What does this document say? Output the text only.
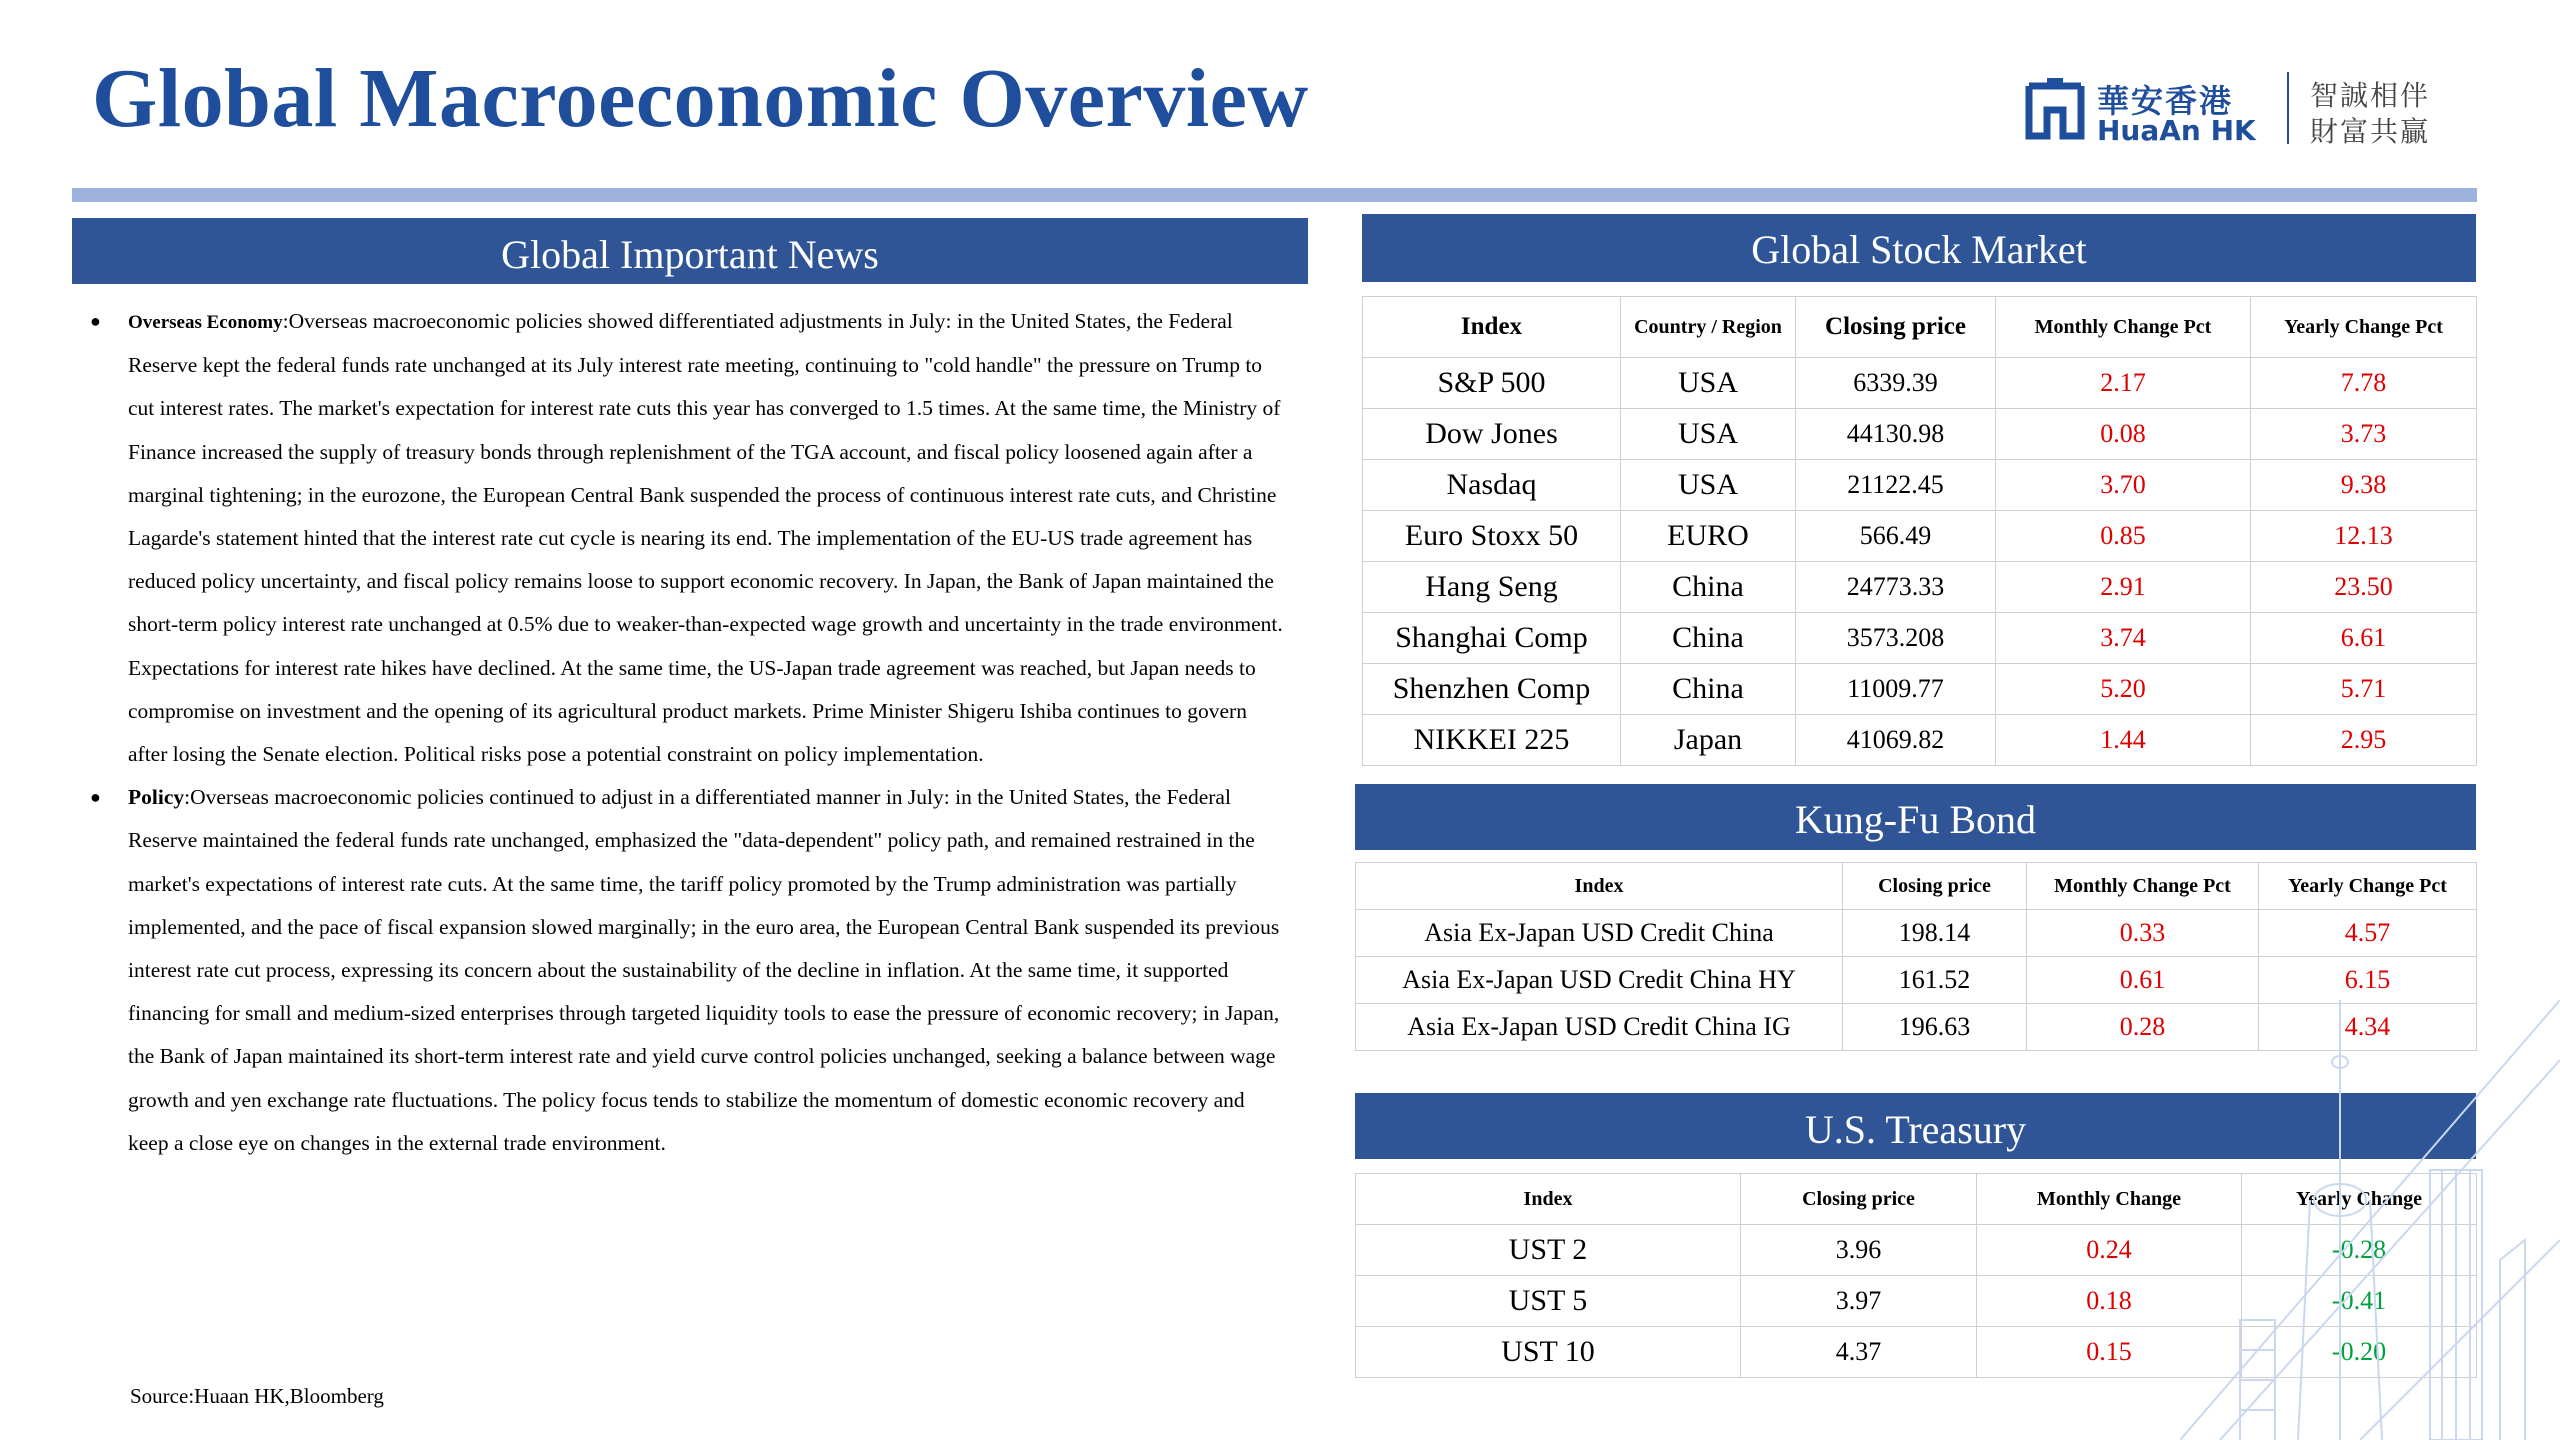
Global Macroeconomic Overview	華安香港
HuaAn HK
智誠相伴
財富共贏
Global Important News
● Overseas Economy:Overseas macroeconomic policies showed differentiated adjustments in July: in the United States, the Federal Reserve kept the federal funds rate unchanged at its July interest rate meeting, continuing to "cold handle" the pressure on Trump to cut interest rates. The market's expectation for interest rate cuts this year has converged to 1.5 times. At the same time, the Ministry of Finance increased the supply of treasury bonds through replenishment of the TGA account, and fiscal policy loosened again after a marginal tightening; in the eurozone, the European Central Bank suspended the process of continuous interest rate cuts, and Christine Lagarde's statement hinted that the interest rate cut cycle is nearing its end. The implementation of the EU-US trade agreement has reduced policy uncertainty, and fiscal policy remains loose to support economic recovery. In Japan, the Bank of Japan maintained the short-term policy interest rate unchanged at 0.5% due to weaker-than-expected wage growth and uncertainty in the trade environment. Expectations for interest rate hikes have declined. At the same time, the US-Japan trade agreement was reached, but Japan needs to compromise on investment and the opening of its agricultural product markets. Prime Minister Shigeru Ishiba continues to govern after losing the Senate election. Political risks pose a potential constraint on policy implementation.
● Policy:Overseas macroeconomic policies continued to adjust in a differentiated manner in July: in the United States, the Federal Reserve maintained the federal funds rate unchanged, emphasized the "data-dependent" policy path, and remained restrained in the market's expectations of interest rate cuts. At the same time, the tariff policy promoted by the Trump administration was partially implemented, and the pace of fiscal expansion slowed marginally; in the euro area, the European Central Bank suspended its previous interest rate cut process, expressing its concern about the sustainability of the decline in inflation. At the same time, it supported financing for small and medium-sized enterprises through targeted liquidity tools to ease the pressure of economic recovery; in Japan, the Bank of Japan maintained its short-term interest rate and yield curve control policies unchanged, seeking a balance between wage growth and yen exchange rate fluctuations. The policy focus tends to stabilize the momentum of domestic economic recovery and keep a close eye on changes in the external trade environment.
Source:Huaan HK,Bloomberg
Global Stock Market
Index	Country / Region	Closing price	Monthly Change Pct	Yearly Change Pct
S&P 500	USA	6339.39	2.17	7.78
Dow Jones	USA	44130.98	0.08	3.73
Nasdaq	USA	21122.45	3.70	9.38
Euro Stoxx 50	EURO	566.49	0.85	12.13
Hang Seng	China	24773.33	2.91	23.50
Shanghai Comp	China	3573.208	3.74	6.61
Shenzhen Comp	China	11009.77	5.20	5.71
NIKKEI 225	Japan	41069.82	1.44	2.95
Kung-Fu Bond
Index	Closing price	Monthly Change Pct	Yearly Change Pct
Asia Ex-Japan USD Credit China	198.14	0.33	4.57
Asia Ex-Japan USD Credit China HY	161.52	0.61	6.15
Asia Ex-Japan USD Credit China IG	196.63	0.28	4.34
U.S. Treasury
Index	Closing price	Monthly Change	Yearly Change
UST 2	3.96	0.24	-0.28
UST 5	3.97	0.18	-0.41
UST 10	4.37	0.15	-0.20
